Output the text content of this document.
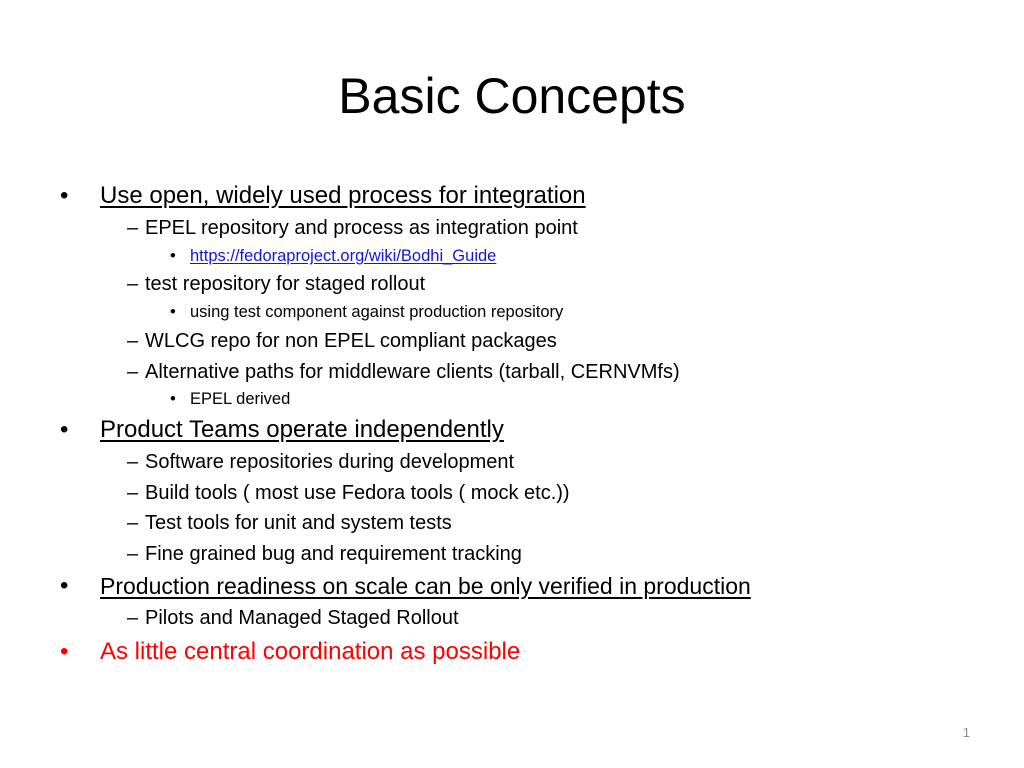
Basic Concepts
• Use open, widely used process for integration
– EPEL repository and process as integration point
• https://fedoraproject.org/wiki/Bodhi_Guide
– test repository for staged rollout
• using test component against production repository
– WLCG repo for non EPEL compliant packages
– Alternative paths for middleware clients (tarball, CERNVMfs)
• EPEL derived
• Product Teams operate independently
– Software repositories during development
– Build tools ( most use Fedora tools ( mock etc.))
– Test tools for unit and system tests
– Fine grained bug and requirement tracking
• Production readiness on scale can be only verified in production
– Pilots and Managed Staged Rollout
• As little central coordination as possible
1
